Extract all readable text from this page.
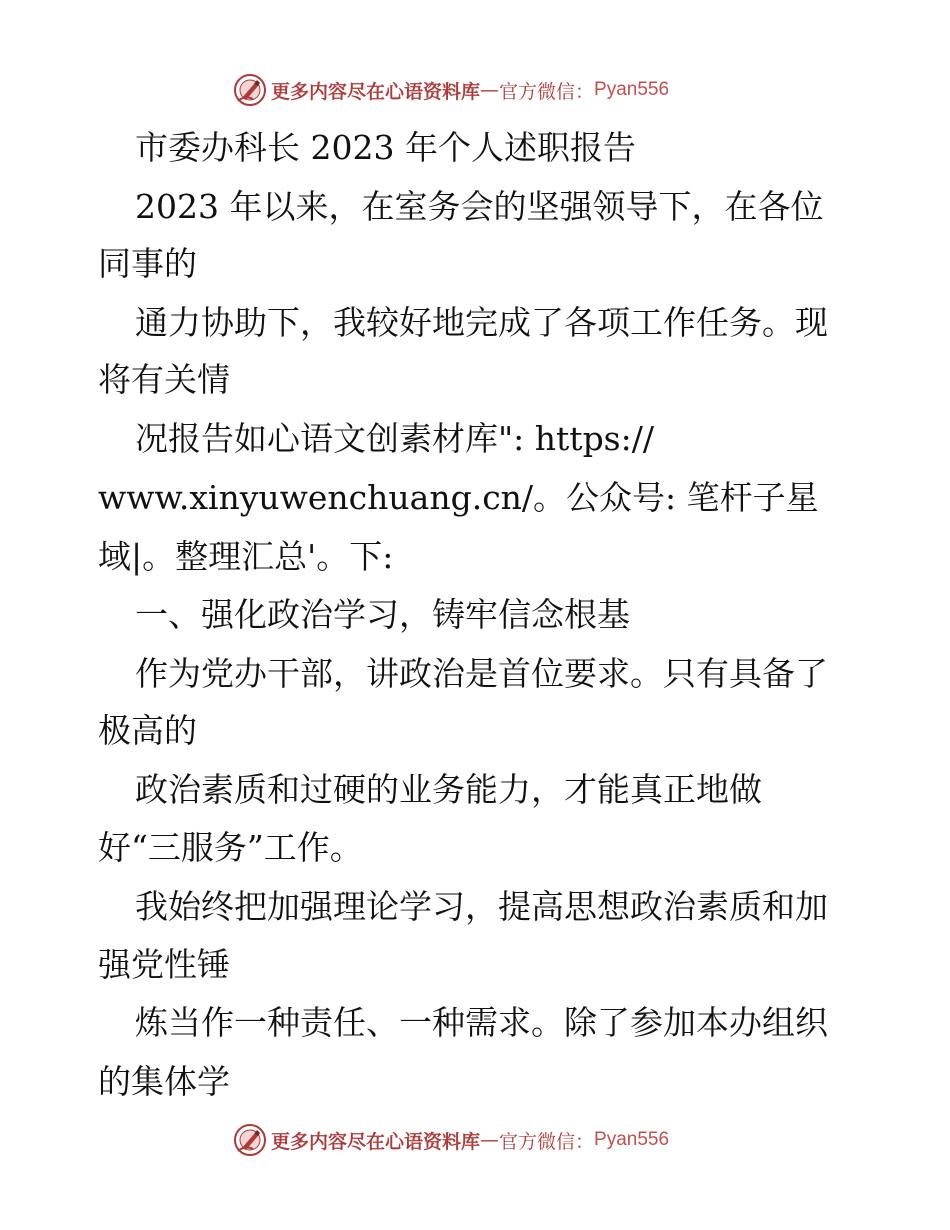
更多内容尽在心语资料库 — 官方微信： Pyan556
市委办科长 2023 年个人述职报告
2023 年以来，在室务会的坚强领导下，在各位
同事的
通力协助下，我较好地完成了各项工作任务。现
将有关情
况报告如心语文创素材库": https://
www.xinyuwenchuang.cn/。公众号: 笔杆子星
域|。整理汇总'。下:
一、强化政治学习，铸牢信念根基
作为党办干部，讲政治是首位要求。只有具备了
极高的
政治素质和过硬的业务能力，才能真正地做
好“三服务”工作。
我始终把加强理论学习，提高思想政治素质和加
强党性锤
炼当作一种责任、一种需求。除了参加本办组织
的集体学
更多内容尽在心语资料库 — 官方微信： Pyan556
